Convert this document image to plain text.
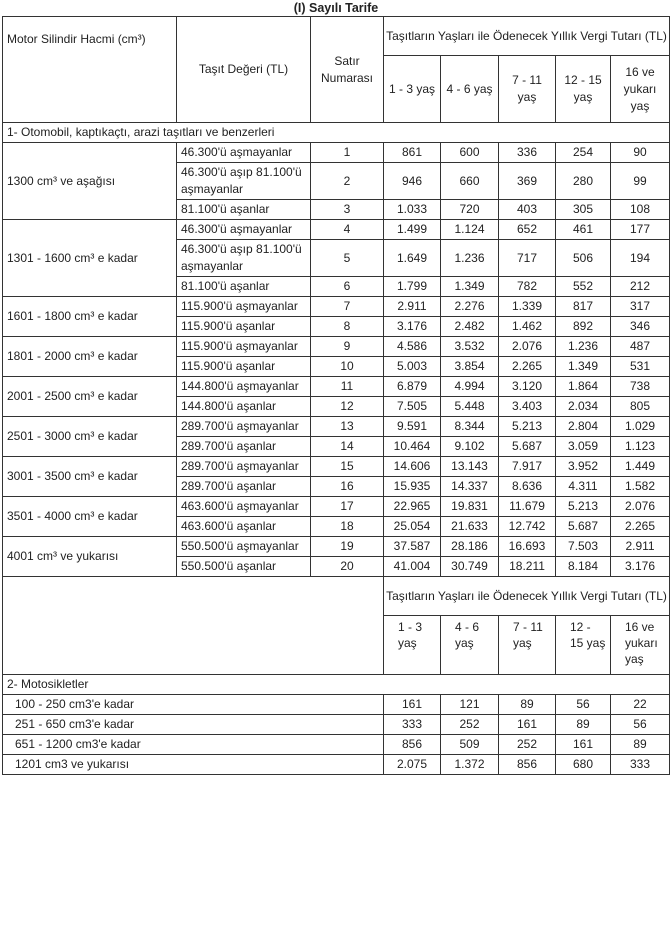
(I) Sayılı Tarife
Motor Silindir Hacmi (cm³)	Taşıt Değeri (TL)	Satır Numarası	Taşıtların Yaşları ile Ödenecek Yıllık Vergi Tutarı (TL)				
			1 - 3 yaş	4 - 6 yaş	7 - 11 yaş	12 - 15 yaş	16 ve yukarı yaş
1- Otomobil, kaptıkaçtı, arazi taşıtları ve benzerleri							
1300 cm³ ve aşağısı	46.300'ü aşmayanlar	1	861	600	336	254	90
	46.300'ü aşıp 81.100'ü aşmayanlar	2	946	660	369	280	99
	81.100'ü aşanlar	3	1.033	720	403	305	108
1301 - 1600 cm³ e kadar	46.300'ü aşmayanlar	4	1.499	1.124	652	461	177
	46.300'ü aşıp 81.100'ü aşmayanlar	5	1.649	1.236	717	506	194
	81.100'ü aşanlar	6	1.799	1.349	782	552	212
1601 - 1800 cm³ e kadar	115.900'ü aşmayanlar	7	2.911	2.276	1.339	817	317
	115.900'ü aşanlar	8	3.176	2.482	1.462	892	346
1801 - 2000 cm³ e kadar	115.900'ü aşmayanlar	9	4.586	3.532	2.076	1.236	487
	115.900'ü aşanlar	10	5.003	3.854	2.265	1.349	531
2001 - 2500 cm³ e kadar	144.800'ü aşmayanlar	11	6.879	4.994	3.120	1.864	738
	144.800'ü aşanlar	12	7.505	5.448	3.403	2.034	805
2501 - 3000 cm³ e kadar	289.700'ü aşmayanlar	13	9.591	8.344	5.213	2.804	1.029
	289.700'ü aşanlar	14	10.464	9.102	5.687	3.059	1.123
3001 - 3500 cm³ e kadar	289.700'ü aşmayanlar	15	14.606	13.143	7.917	3.952	1.449
	289.700'ü aşanlar	16	15.935	14.337	8.636	4.311	1.582
3501 - 4000 cm³ e kadar	463.600'ü aşmayanlar	17	22.965	19.831	11.679	5.213	2.076
	463.600'ü aşanlar	18	25.054	21.633	12.742	5.687	2.265
4001 cm³ ve yukarısı	550.500'ü aşmayanlar	19	37.587	28.186	16.693	7.503	2.911
	550.500'ü aşanlar	20	41.004	30.749	18.211	8.184	3.176
			Taşıtların Yaşları ile Ödenecek Yıllık Vergi Tutarı (TL)				
			1 - 3 yaş	4 - 6 yaş	7 - 11 yaş	12 - 15 yaş	16 ve yukarı yaş
2- Motosikletler							
100 - 250 cm3'e kadar			161	121	89	56	22
251 - 650 cm3'e kadar			333	252	161	89	56
651 - 1200 cm3'e kadar			856	509	252	161	89
1201 cm3 ve yukarısı			2.075	1.372	856	680	333
